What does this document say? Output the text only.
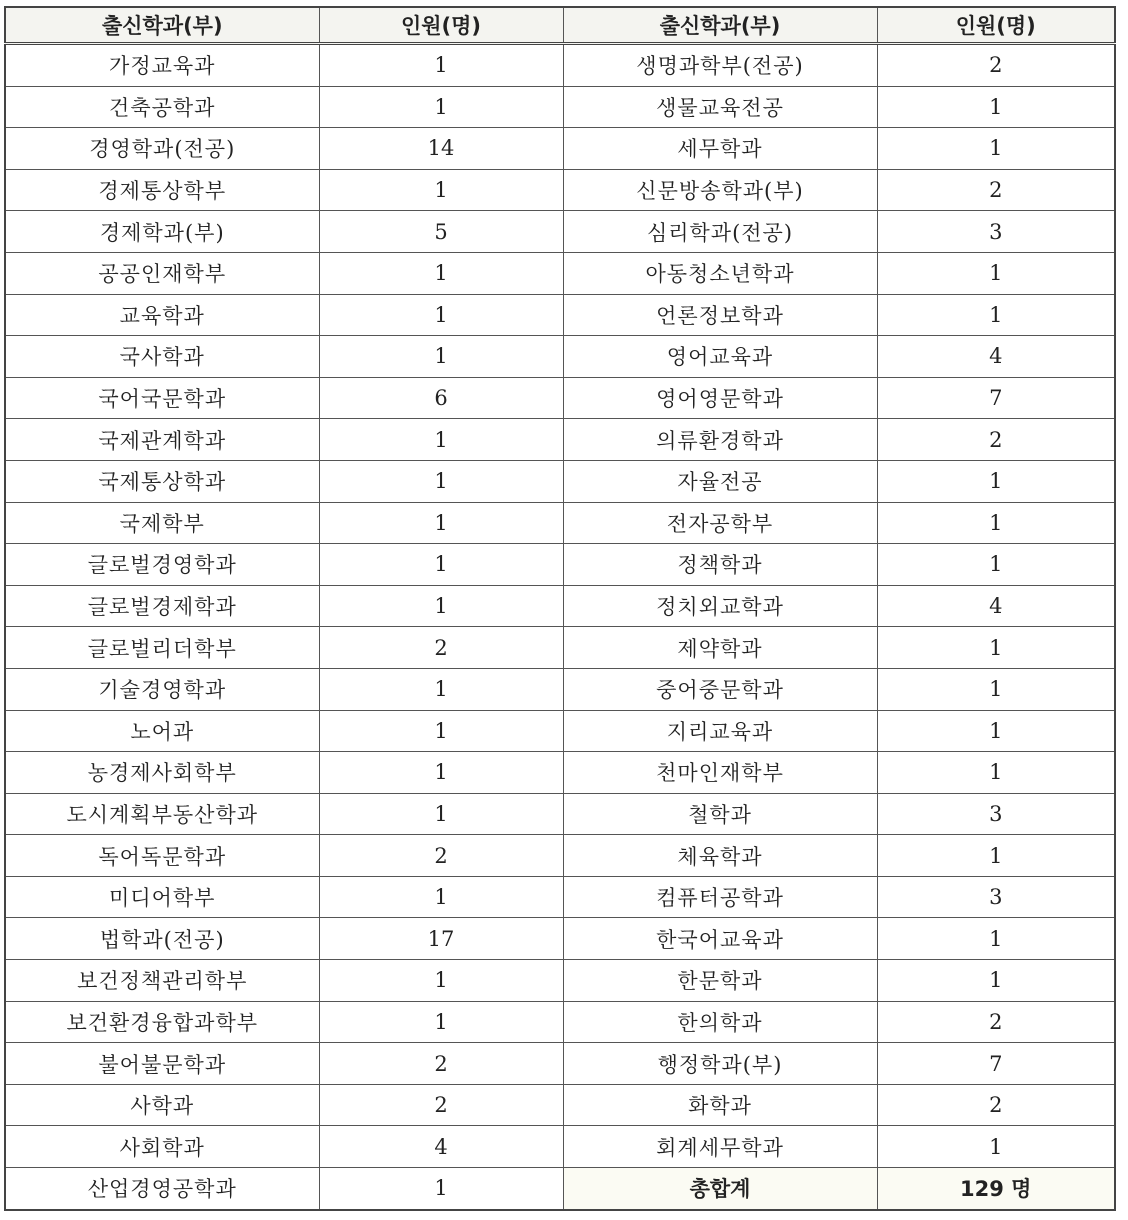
출신학과(부)	인원(명)	출신학과(부)	인원(명)
가정교육과	1	생명과학부(전공)	2
건축공학과	1	생물교육전공	1
경영학과(전공)	14	세무학과	1
경제통상학부	1	신문방송학과(부)	2
경제학과(부)	5	심리학과(전공)	3
공공인재학부	1	아동청소년학과	1
교육학과	1	언론정보학과	1
국사학과	1	영어교육과	4
국어국문학과	6	영어영문학과	7
국제관계학과	1	의류환경학과	2
국제통상학과	1	자율전공	1
국제학부	1	전자공학부	1
글로벌경영학과	1	정책학과	1
글로벌경제학과	1	정치외교학과	4
글로벌리더학부	2	제약학과	1
기술경영학과	1	중어중문학과	1
노어과	1	지리교육과	1
농경제사회학부	1	천마인재학부	1
도시계획부동산학과	1	철학과	3
독어독문학과	2	체육학과	1
미디어학부	1	컴퓨터공학과	3
법학과(전공)	17	한국어교육과	1
보건정책관리학부	1	한문학과	1
보건환경융합과학부	1	한의학과	2
불어불문학과	2	행정학과(부)	7
사학과	2	화학과	2
사회학과	4	회계세무학과	1
산업경영공학과	1	총합계	129 명
